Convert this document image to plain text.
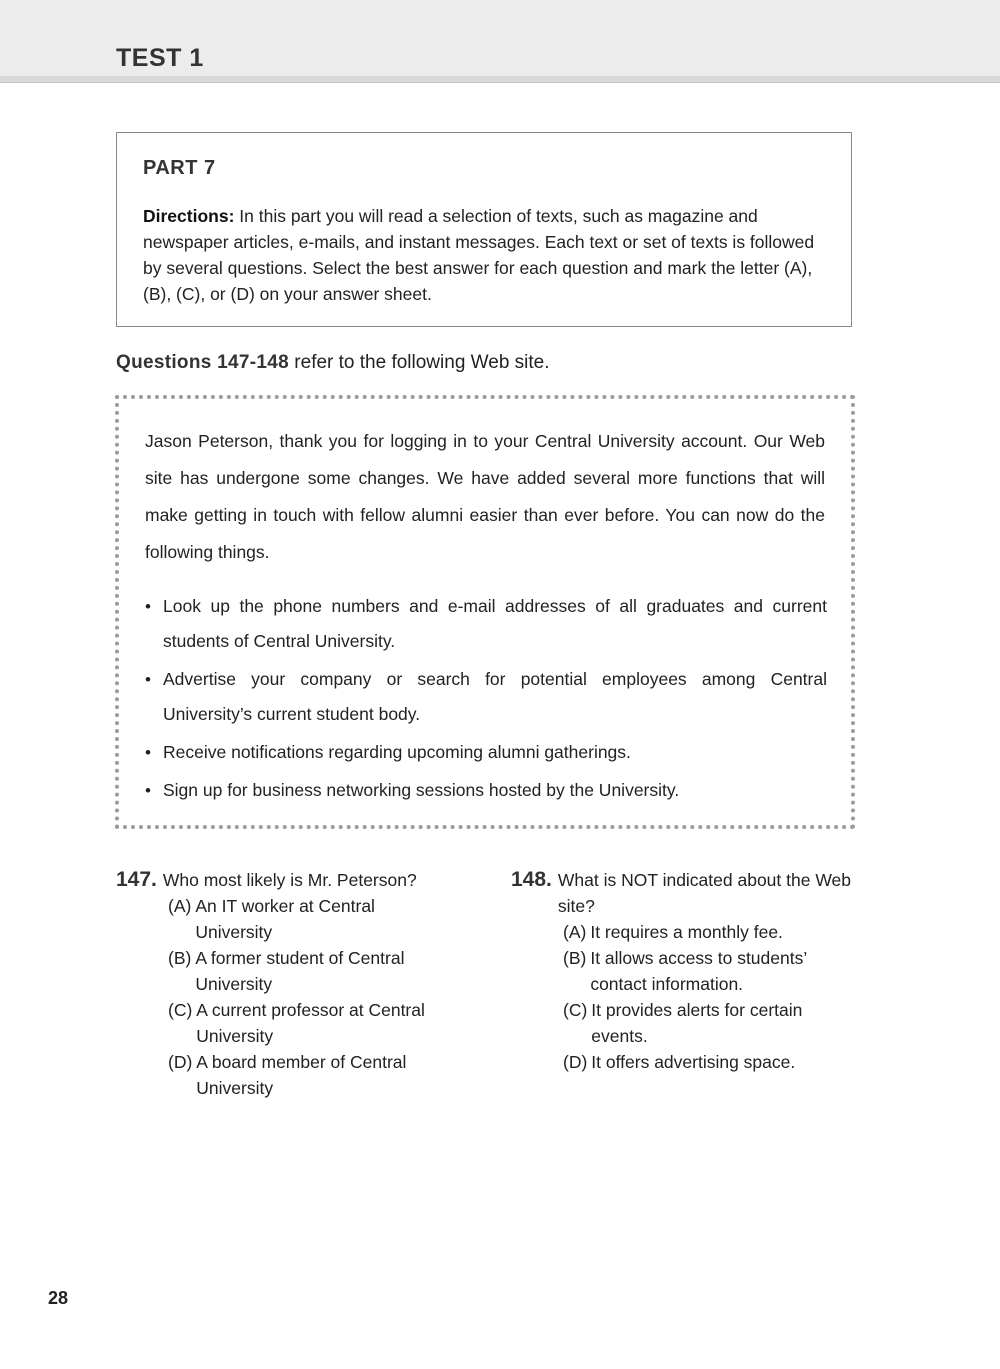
TEST 1
PART 7

Directions: In this part you will read a selection of texts, such as magazine and newspaper articles, e-mails, and instant messages. Each text or set of texts is followed by several questions. Select the best answer for each question and mark the letter (A), (B), (C), or (D) on your answer sheet.

Questions 147-148 refer to the following Web site.

Jason Peterson, thank you for logging in to your Central University account. Our Web site has undergone some changes. We have added several more functions that will make getting in touch with fellow alumni easier than ever before. You can now do the following things.

• Look up the phone numbers and e-mail addresses of all graduates and current students of Central University.
• Advertise your company or search for potential employees among Central University’s current student body.
• Receive notifications regarding upcoming alumni gatherings.
• Sign up for business networking sessions hosted by the University.
147. Who most likely is Mr. Peterson?
(A) An IT worker at Central University
(B) A former student of Central University
(C) A current professor at Central University
(D) A board member of Central University
148. What is NOT indicated about the Web site?
(A) It requires a monthly fee.
(B) It allows access to students’ contact information.
(C) It provides alerts for certain events.
(D) It offers advertising space.

28
